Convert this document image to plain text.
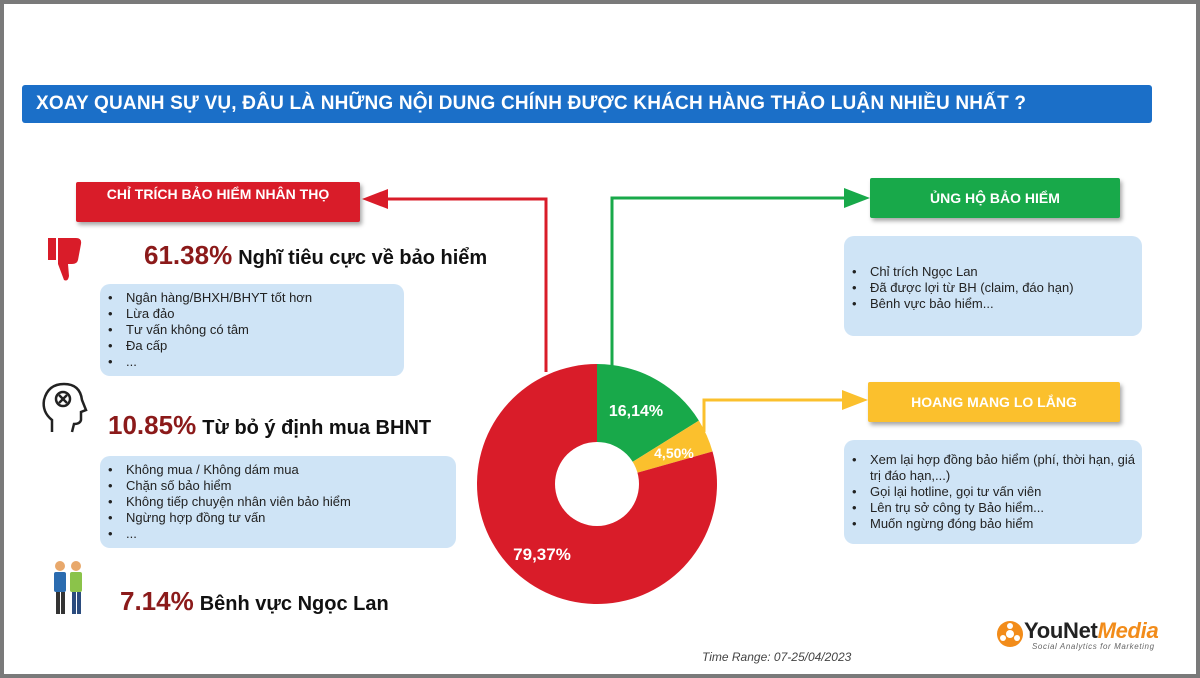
XOAY QUANH SỰ VỤ, ĐÂU LÀ NHỮNG NỘI DUNG CHÍNH ĐƯỢC KHÁCH HÀNG THẢO LUẬN NHIỀU NHẤT ?
79,37%
16,14%
4,50%
CHỈ TRÍCH BẢO HIỂM NHÂN THỌ	ỦNG HỘ BẢO HIỂM
HOANG MANG LO LẮNG
61.38% Nghĩ tiêu cực về bảo hiểm
10.85% Từ bỏ ý định mua BHNT
7.14% Bênh vực Ngọc Lan
• Ngân hàng/BHXH/BHYT tốt hơn
• Lừa đảo
• Tư vấn không có tâm
• Đa cấp
• ...
• Không mua / Không dám mua
• Chặn số bảo hiểm
• Không tiếp chuyện nhân viên bảo hiểm
• Ngừng hợp đồng tư vấn
• ...
• Chỉ trích Ngọc Lan
• Đã được lợi từ BH (claim, đáo hạn)
• Bênh vực bảo hiểm...
• Xem lại hợp đồng bảo hiểm (phí, thời hạn, giá trị đáo hạn,...)
• Gọi lại hotline, gọi tư vấn viên
• Lên trụ sở công ty Bảo hiểm...
• Muốn ngừng đóng bảo hiểm
Time Range: 07-25/04/2023
YouNetMedia
Social Analytics for Marketing
